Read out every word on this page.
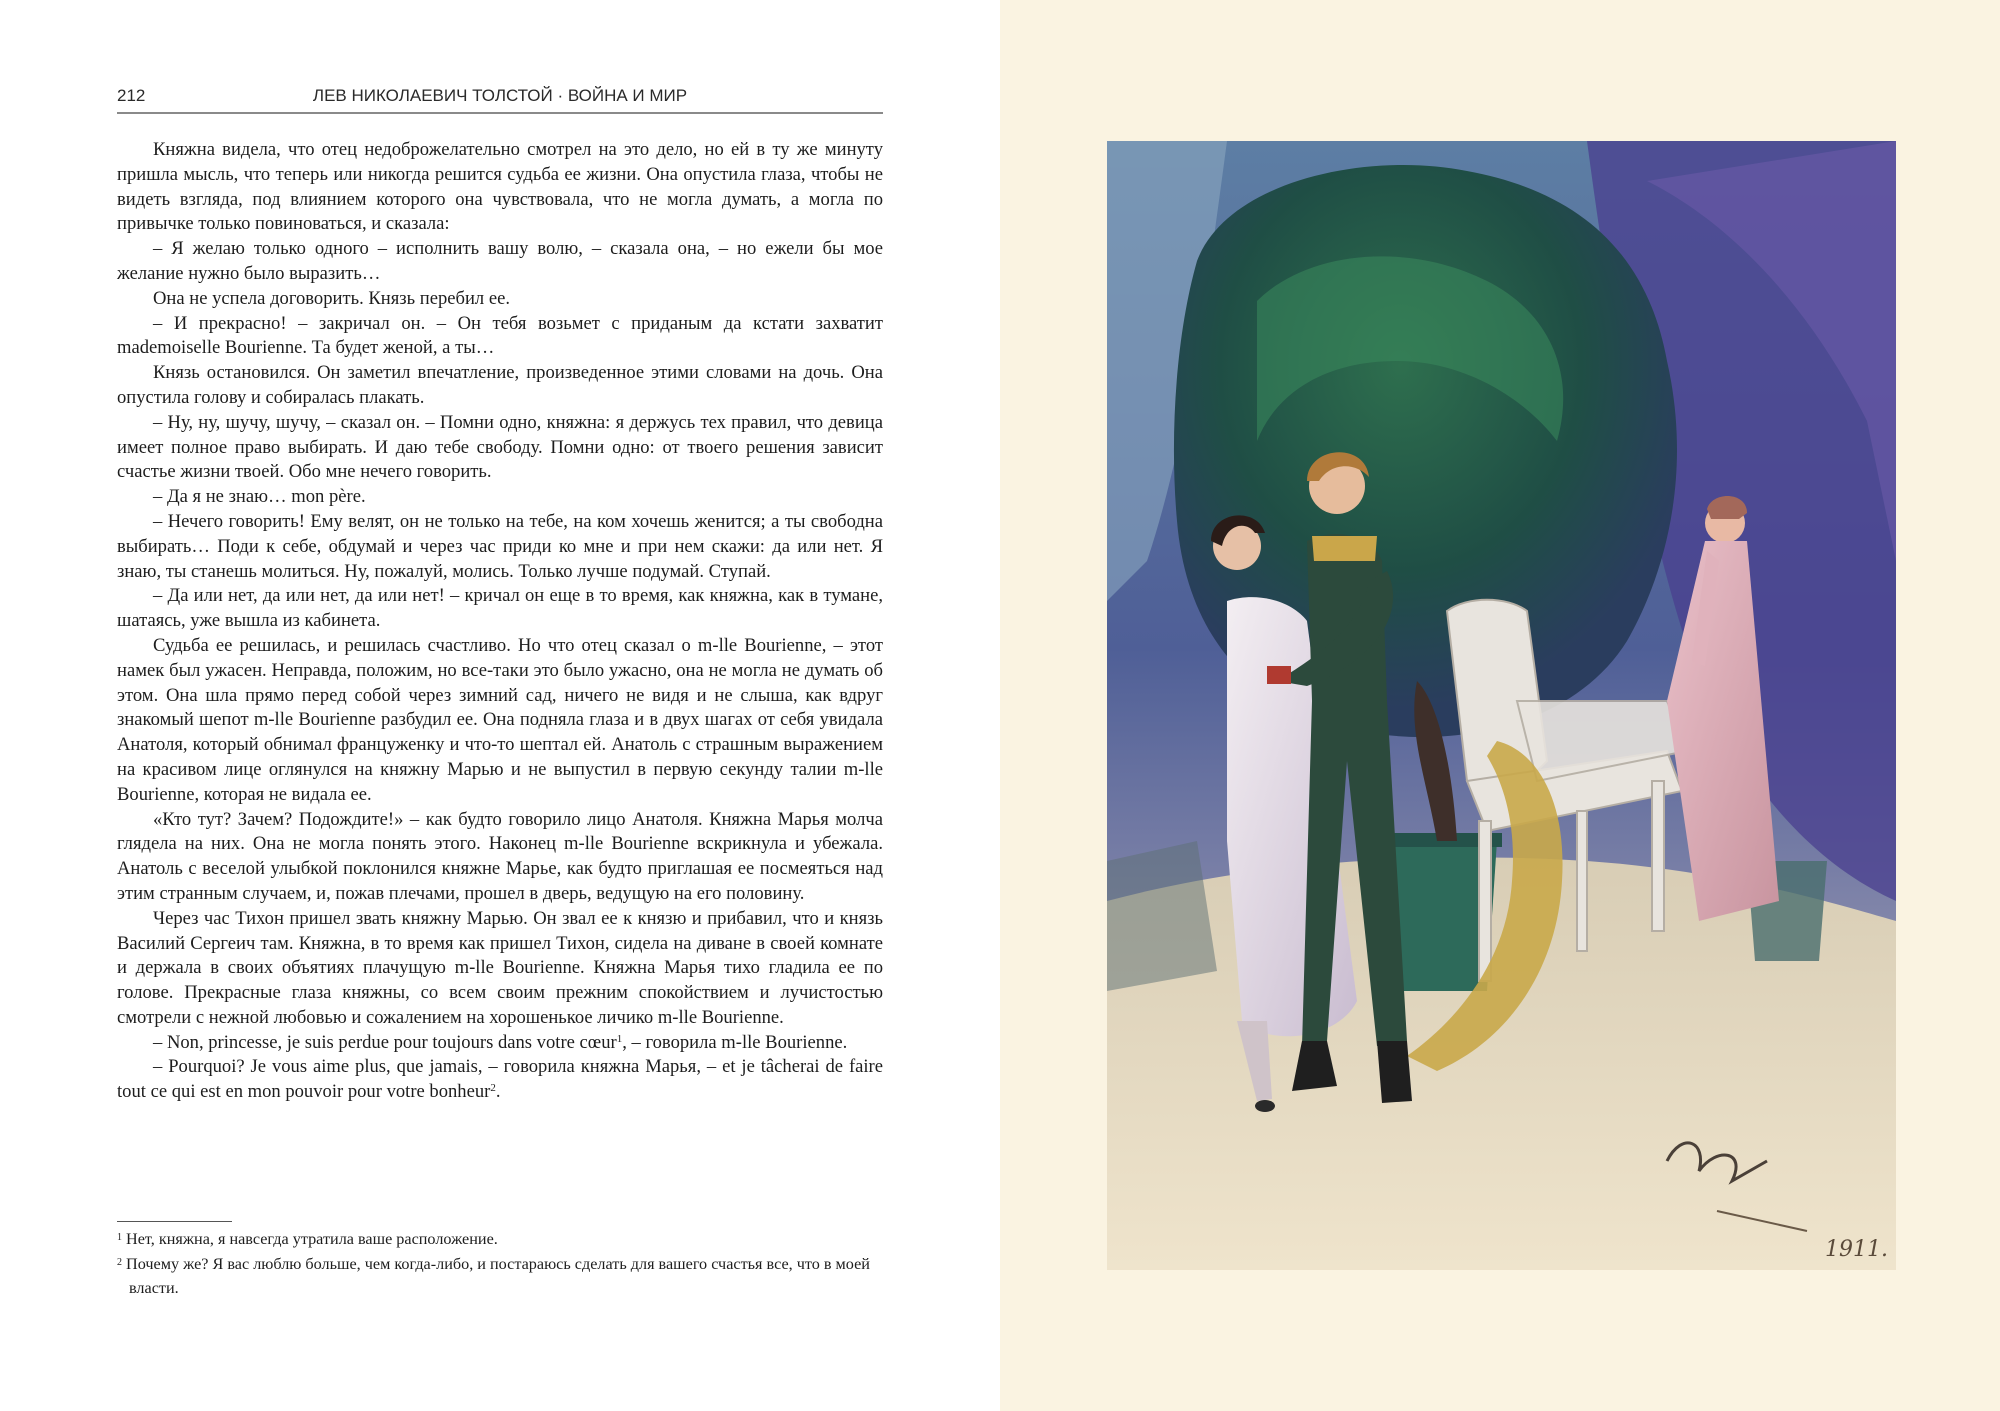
212	ЛЕВ НИКОЛАЕВИЧ ТОЛСТОЙ · ВОЙНА И МИР

Княжна видела, что отец недоброжелательно смотрел на это дело, но ей в ту же минуту пришла мысль, что теперь или никогда решится судьба ее жизни. Она опустила глаза, чтобы не видеть взгляда, под влиянием которого она чувствовала, что не могла думать, а могла по привычке только повиноваться, и сказала:

– Я желаю только одного – исполнить вашу волю, – сказала она, – но ежели бы мое желание нужно было выразить…

Она не успела договорить. Князь перебил ее.

– И прекрасно! – закричал он. – Он тебя возьмет с приданым да кстати захватит mademoiselle Bourienne. Та будет женой, а ты…

Князь остановился. Он заметил впечатление, произведенное этими словами на дочь. Она опустила голову и собиралась плакать.

– Ну, ну, шучу, шучу, – сказал он. – Помни одно, княжна: я держусь тех правил, что девица имеет полное право выбирать. И даю тебе свободу. Помни одно: от твоего решения зависит счастье жизни твоей. Обо мне нечего говорить.

– Да я не знаю… mon père.

– Нечего говорить! Ему велят, он не только на тебе, на ком хочешь женится; а ты свободна выбирать… Поди к себе, обдумай и через час приди ко мне и при нем скажи: да или нет. Я знаю, ты станешь молиться. Ну, пожалуй, молись. Только лучше подумай. Ступай.

– Да или нет, да или нет, да или нет! – кричал он еще в то время, как княжна, как в тумане, шатаясь, уже вышла из кабинета.

Судьба ее решилась, и решилась счастливо. Но что отец сказал о m-lle Bourienne, – этот намек был ужасен. Неправда, положим, но все-таки это было ужасно, она не могла не думать об этом. Она шла прямо перед собой через зимний сад, ничего не видя и не слыша, как вдруг знакомый шепот m-lle Bourienne разбудил ее. Она подняла глаза и в двух шагах от себя увидала Анатоля, который обнимал француженку и что-то шептал ей. Анатоль с страшным выражением на красивом лице оглянулся на княжну Марью и не выпустил в первую секунду талии m-lle Bourienne, которая не видала ее.

«Кто тут? Зачем? Подождите!» – как будто говорило лицо Анатоля. Княжна Марья молча глядела на них. Она не могла понять этого. Наконец m-lle Bourienne вскрикнула и убежала. Анатоль с веселой улыбкой поклонился княжне Марье, как будто приглашая ее посмеяться над этим странным случаем, и, пожав плечами, прошел в дверь, ведущую на его половину.

Через час Тихон пришел звать княжну Марью. Он звал ее к князю и прибавил, что и князь Василий Сергеич там. Княжна, в то время как пришел Тихон, сидела на диване в своей комнате и держала в своих объятиях плачущую m-lle Bourienne. Княжна Марья тихо гладила ее по голове. Прекрасные глаза княжны, со всем своим прежним спокойствием и лучистостью смотрели с нежной любовью и сожалением на хорошенькое личико m-lle Bourienne.

– Non, princesse, je suis perdue pour toujours dans votre cœur$^1$, – говорила m-lle Bourienne.

– Pourquoi? Je vous aime plus, que jamais, – говорила княжна Марья, – et je tâcherai de faire tout ce qui est en mon pouvoir pour votre bonheur$^2$.

$^1$ Нет, княжна, я навсегда утратила ваше расположение.

$^2$ Почему же? Я вас люблю больше, чем когда-либо, и постараюсь сделать для вашего счастья все, что в моей власти.

1911.
